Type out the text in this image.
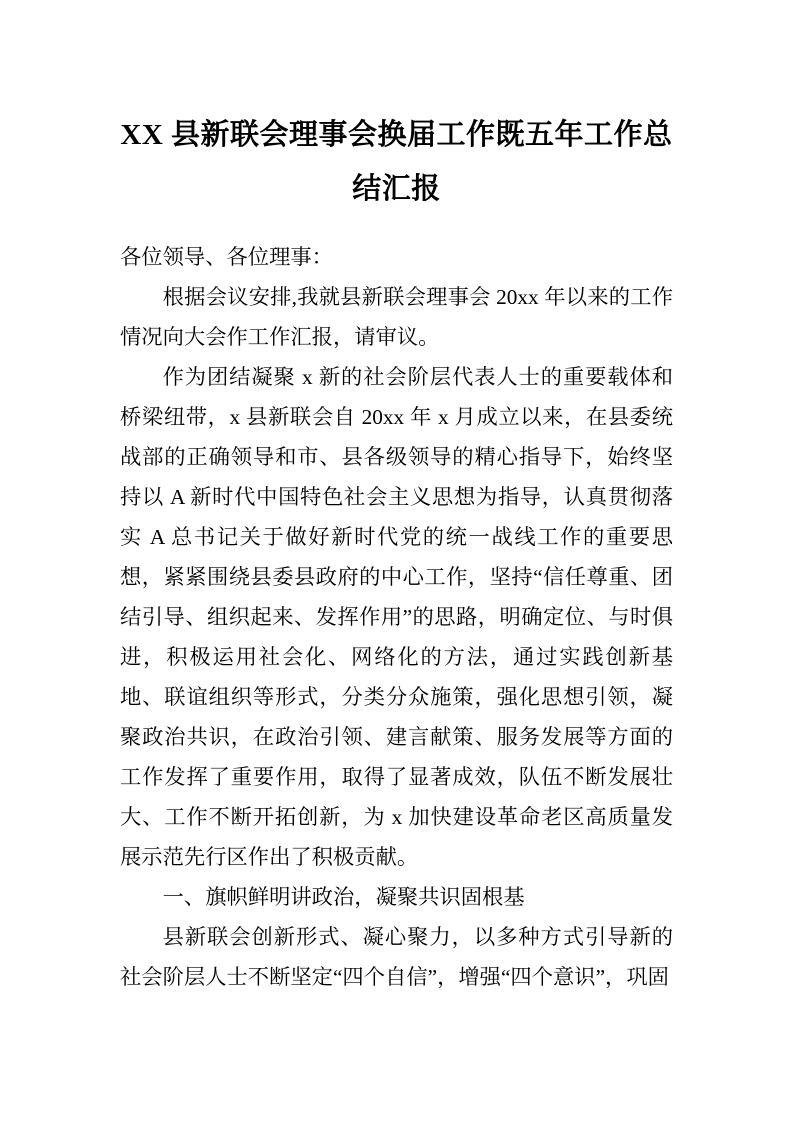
XX 县新联会理事会换届工作既五年工作总结汇报

各位领导、各位理事：

根据会议安排,我就县新联会理事会 20xx 年以来的工作情况向大会作工作汇报，请审议。

作为团结凝聚 x 新的社会阶层代表人士的重要载体和桥梁纽带，x 县新联会自 20xx 年 x 月成立以来，在县委统战部的正确领导和市、县各级领导的精心指导下，始终坚持以 A 新时代中国特色社会主义思想为指导，认真贯彻落实 A 总书记关于做好新时代党的统一战线工作的重要思想，紧紧围绕县委县政府的中心工作，坚持“信任尊重、团结引导、组织起来、发挥作用”的思路，明确定位、与时俱进，积极运用社会化、网络化的方法，通过实践创新基地、联谊组织等形式，分类分众施策，强化思想引领，凝聚政治共识，在政治引领、建言献策、服务发展等方面的工作发挥了重要作用，取得了显著成效，队伍不断发展壮大、工作不断开拓创新，为 x 加快建设革命老区高质量发展示范先行区作出了积极贡献。

一、旗帜鲜明讲政治，凝聚共识固根基

县新联会创新形式、凝心聚力，以多种方式引导新的社会阶层人士不断坚定“四个自信”，增强“四个意识”，巩固
